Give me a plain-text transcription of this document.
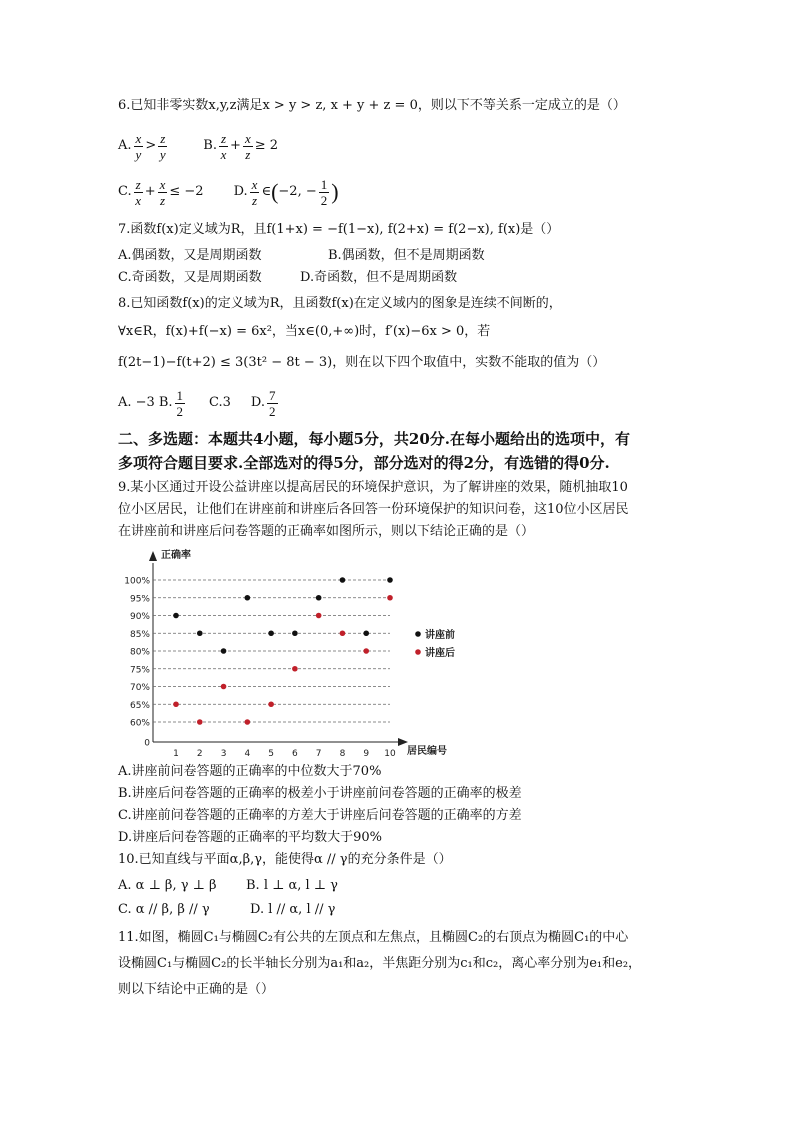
6.已知非零实数x,y,z满足x > y > z, x + y + z = 0，则以下不等关系一定成立的是（）
A. x
y
> z
y
B. z
x
+ $\frac{x}{z} \ge 2$
C. z
x
+ $\frac{x}{z} \le -2$ D. $\frac{x}{z}$ ∈ ( −2, − $\frac{1}{2}$ )
7.函数f(x)定义域为R，且f(1+x) = −f(1−x), f(2+x) = f(2−x), f(x)是（）
A.偶函数，又是周期函数	B.偶函数，但不是周期函数
C.奇函数，又是周期函数	D.奇函数，但不是周期函数
8.已知函数f(x)的定义域为R，且函数f(x)在定义域内的图象是连续不间断的，
∀x∈R，f(x)+f(−x) = 6x²，当x∈(0,+∞)时，f′(x)−6x > 0，若
f(2t−1)−f(t+2) ≤ 3(3t² − 8t − 3)，则在以下四个取值中，实数不能取的值为（）
A. −3 B. $\frac{1}{2} C.3$ D. $\frac{7}{2}$
二、多选题：本题共4小题，每小题5分，共20分.在每小题给出的选项中，有
多项符合题目要求.全部选对的得5分，部分选对的得2分，有选错的得0分.
9.某小区通过开设公益讲座以提高居民的环境保护意识，为了解讲座的效果，随机抽取10
位小区居民，让他们在讲座前和讲座后各回答一份环境保护的知识问卷，这10位小区居民
在讲座前和讲座后问卷答题的正确率如图所示，则以下结论正确的是（）
正确率
居民编号
60%
65%
70%
75%
80%
85%
90%
95%
100%
0
1 2 3 4 5 6 7 8 9 10
讲座前
讲座后
A.讲座前问卷答题的正确率的中位数大于70%
B.讲座后问卷答题的正确率的极差小于讲座前问卷答题的正确率的极差
C.讲座前问卷答题的正确率的方差大于讲座后问卷答题的正确率的方差
D.讲座后问卷答题的正确率的平均数大于90%
10.已知直线与平面α,β,γ，能使得α // γ的充分条件是（）
A. α ⊥ β, γ ⊥ β B. l ⊥ α, l ⊥ γ
C. α // β, β // γ	D. l // α, l // γ
11.如图，椭圆C₁与椭圆C₂有公共的左顶点和左焦点，且椭圆C₂的右顶点为椭圆C₁的中心
设椭圆C₁与椭圆C₂的长半轴长分别为a₁和a₂，半焦距分别为c₁和c₂，离心率分别为e₁和e₂，
则以下结论中正确的是（）
